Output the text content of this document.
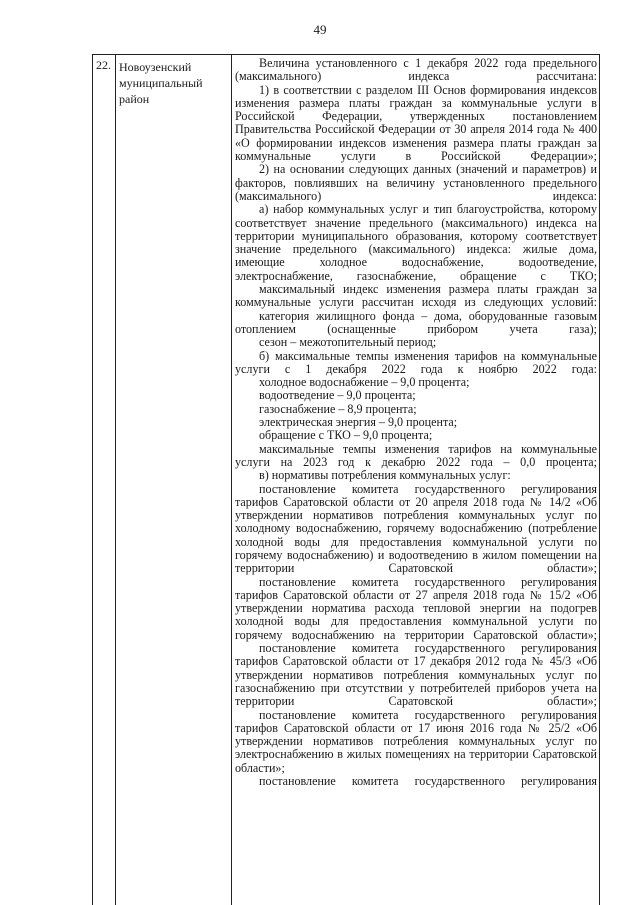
49
22. Новоузенский
муниципальный
район

Величина установленного с 1 декабря 2022 года предельного (максимального) индекса рассчитана:

1) в соответствии с разделом III Основ формирования индексов изменения размера платы граждан за коммунальные услуги в Российской Федерации, утвержденных постановлением Правительства Российской Федерации от 30 апреля 2014 года № 400 «О формировании индексов изменения размера платы граждан за коммунальные услуги в Российской Федерации»;

2) на основании следующих данных (значений и параметров) и факторов, повлиявших на величину установленного предельного (максимального) индекса:

а) набор коммунальных услуг и тип благоустройства, которому соответствует значение предельного (максимального) индекса на территории муниципального образования, которому соответствует значение предельного (максимального) индекса: жилые дома, имеющие холодное водоснабжение, водоотведение, электроснабжение, газоснабжение, обращение с ТКО;

максимальный индекс изменения размера платы граждан за коммунальные услуги рассчитан исходя из следующих условий:

категория жилищного фонда – дома, оборудованные газовым отоплением (оснащенные прибором учета газа);

сезон – межотопительный период;

б) максимальные темпы изменения тарифов на коммунальные услуги с 1 декабря 2022 года к ноябрю 2022 года:

холодное водоснабжение – 9,0 процента;

водоотведение – 9,0 процента;

газоснабжение – 8,9 процента;

электрическая энергия – 9,0 процента;

обращение с ТКО – 9,0 процента;

максимальные темпы изменения тарифов на коммунальные услуги на 2023 год к декабрю 2022 года – 0,0 процента;

в) нормативы потребления коммунальных услуг:

постановление комитета государственного регулирования тарифов Саратовской области от 20 апреля 2018 года № 14/2 «Об утверждении нормативов потребления коммунальных услуг по холодному водоснабжению, горячему водоснабжению (потребление холодной воды для предоставления коммунальной услуги по горячему водоснабжению) и водоотведению в жилом помещении на территории Саратовской области»;

постановление комитета государственного регулирования тарифов Саратовской области от 27 апреля 2018 года № 15/2 «Об утверждении норматива расхода тепловой энергии на подогрев холодной воды для предоставления коммунальной услуги по горячему водоснабжению на территории Саратовской области»;

постановление комитета государственного регулирования тарифов Саратовской области от 17 декабря 2012 года № 45/3 «Об утверждении нормативов потребления коммунальных услуг по газоснабжению при отсутствии у потребителей приборов учета на территории Саратовской области»;

постановление комитета государственного регулирования тарифов Саратовской области от 17 июня 2016 года № 25/2 «Об утверждении нормативов потребления коммунальных услуг по электроснабжению в жилых помещениях на территории Саратовской области»;

постановление комитета государственного регулирования
